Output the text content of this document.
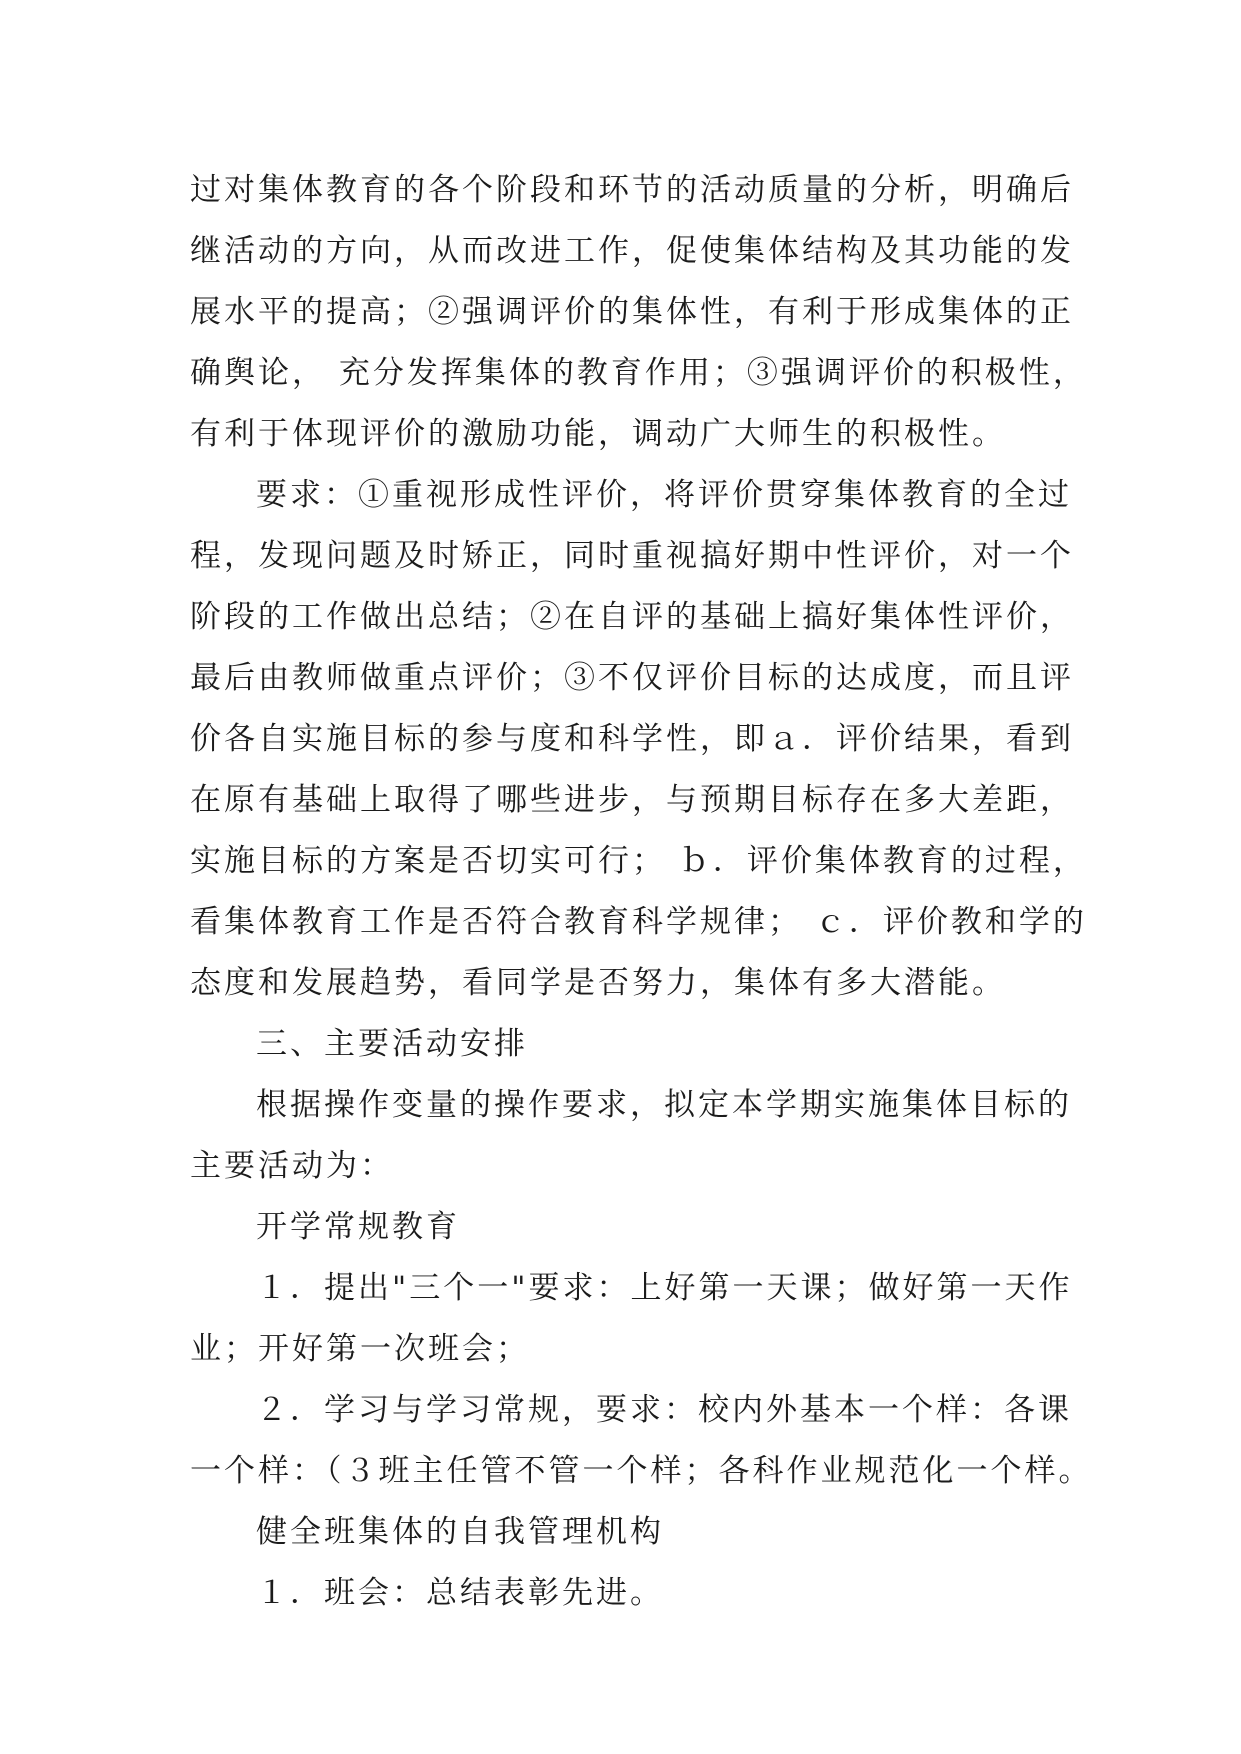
过对集体教育的各个阶段和环节的活动质量的分析，明确后
继活动的方向，从而改进工作，促使集体结构及其功能的发
展水平的提高；②强调评价的集体性，有利于形成集体的正
确舆论， 充分发挥集体的教育作用；③强调评价的积极性，
有利于体现评价的激励功能，调动广大师生的积极性。
要求：①重视形成性评价，将评价贯穿集体教育的全过
程，发现问题及时矫正，同时重视搞好期中性评价，对一个
阶段的工作做出总结；②在自评的基础上搞好集体性评价，
最后由教师做重点评价；③不仅评价目标的达成度，而且评
价各自实施目标的参与度和科学性，即ａ．评价结果，看到
在原有基础上取得了哪些进步，与预期目标存在多大差距，
实施目标的方案是否切实可行； ｂ．评价集体教育的过程，
看集体教育工作是否符合教育科学规律； ｃ．评价教和学的
态度和发展趋势，看同学是否努力，集体有多大潜能。
三、主要活动安排
根据操作变量的操作要求，拟定本学期实施集体目标的
主要活动为：
开学常规教育
１．提出"三个一"要求：上好第一天课；做好第一天作
业；开好第一次班会；
２．学习与学习常规，要求：校内外基本一个样：各课
一个样：（３班主任管不管一个样；各科作业规范化一个样。
健全班集体的自我管理机构
１．班会：总结表彰先进。
